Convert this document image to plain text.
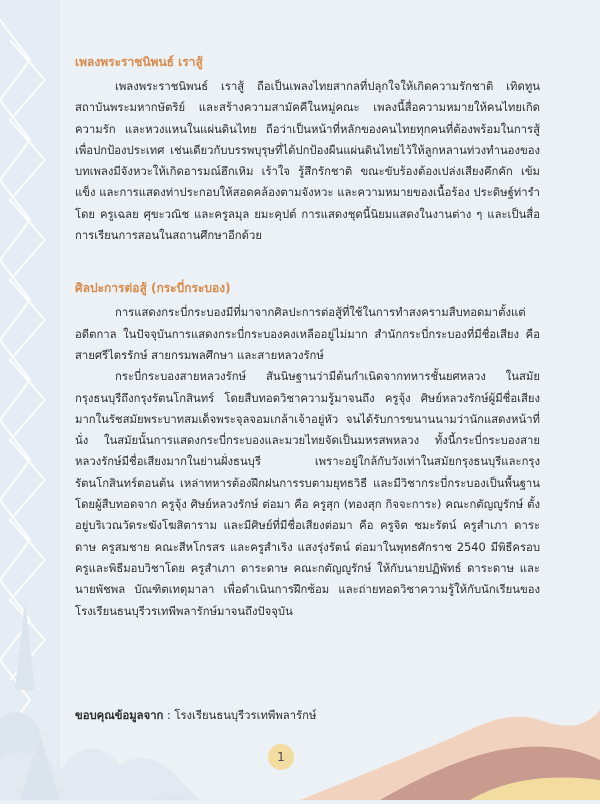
เพลงพระราชนิพนธ์ เราสู้

เพลงพระราชนิพนธ์ เราสู้ ถือเป็นเพลงไทยสากลที่ปลุกใจให้เกิดความรักชาติ เทิดทูนสถาบันพระมหากษัตริย์ และสร้างความสามัคคีในหมู่คณะ เพลงนี้สื่อความหมายให้คนไทยเกิดความรัก และหวงแหนในแผ่นดินไทย ถือว่าเป็นหน้าที่หลักของคนไทยทุกคนที่ต้องพร้อมในการสู้เพื่อปกป้องประเทศ เช่นเดียวกับบรรพบุรุษที่ได้ปกป้องผืนแผ่นดินไทยไว้ให้ลูกหลานท่วงทำนองของบทเพลงมีจังหวะให้เกิดอารมณ์ฮึกเหิม เร้าใจ รู้สึกรักชาติ ขณะขับร้องต้องเปล่งเสียงคึกคัก เข้มแข็ง และการแสดงท่าประกอบให้สอดคล้องตามจังหวะ และความหมายของเนื้อร้อง ประดิษฐ์ท่ารำโดย ครูเฉลย ศุขะวณิช และครูลมุล ยมะคุปต์ การแสดงชุดนี้นิยมแสดงในงานต่าง ๆ และเป็นสื่อการเรียนการสอนในสถานศึกษาอีกด้วย

ศิลปะการต่อสู้ (กระบี่กระบอง)

การแสดงกระบี่กระบองมีที่มาจากศิลปะการต่อสู้ที่ใช้ในการทำสงครามสืบทอดมาตั้งแต่อดีตกาล ในปัจจุบันการแสดงกระบี่กระบองคงเหลืออยู่ไม่มาก สำนักกระบี่กระบองที่มีชื่อเสียง คือ สายศรีไตรรักษ์ สายกรมพลศึกษา และสายหลวงรักษ์

กระบี่กระบองสายหลวงรักษ์ สันนิษฐานว่ามีต้นกำเนิดจากทหารชั้นยศหลวง ในสมัยกรุงธนบุรีถึงกรุงรัตนโกสินทร์ โดยสืบทอดวิชาความรู้มาจนถึง ครูจุ้ง ศิษย์หลวงรักษ์ผู้มีชื่อเสียงมากในรัชสมัยพระบาทสมเด็จพระจุลจอมเกล้าเจ้าอยู่หัว จนได้รับการขนานนามว่านักแสดงหน้าที่นั่ง ในสมัยนั้นการแสดงกระบี่กระบองและมวยไทยจัดเป็นมหรสพหลวง ทั้งนี้กระบี่กระบองสายหลวงรักษ์มีชื่อเสียงมากในย่านฝั่งธนบุรี เพราะอยู่ใกล้กับวังเท่าในสมัยกรุงธนบุรีและกรุงรัตนโกสินทร์ตอนต้น เหล่าทหารต้องฝึกฝนการรบตามยุทธวิธี และมีวิชากระบี่กระบองเป็นพื้นฐาน โดยผู้สืบทอดจาก ครูจุ้ง ศิษย์หลวงรักษ์ ต่อมา คือ ครูสุก (ทองสุก กิจจะการะ) คณะกตัญญูรักษ์ ตั้งอยู่บริเวณวัดระฆังโฆสิตาราม และมีศิษย์ที่มีชื่อเสียงต่อมา คือ ครูจิต ชมะรัตน์ ครูสำเภา ดาระดาษ ครูสมชาย คณะสีหโกรสร และครูสำเริง แสงรุ่งรัตน์ ต่อมาในพุทธศักราช 2540 มีพิธีครอบครูและพิธีมอบวิชาโดย ครูสำเภา ดาระดาษ คณะกตัญญูรักษ์ ให้กับนายปฏิพัทธ์ ดาระดาษ และนายพัชพล บัณฑิตเทตุมาลา เพื่อดำเนินการฝึกซ้อม และถ่ายทอดวิชาความรู้ให้กับนักเรียนของโรงเรียนธนบุรีวรเทพีพลารักษ์มาจนถึงปัจจุบัน

1
ขอบคุณข้อมูลจาก : โรงเรียนธนบุรีวรเทพีพลารักษ์
